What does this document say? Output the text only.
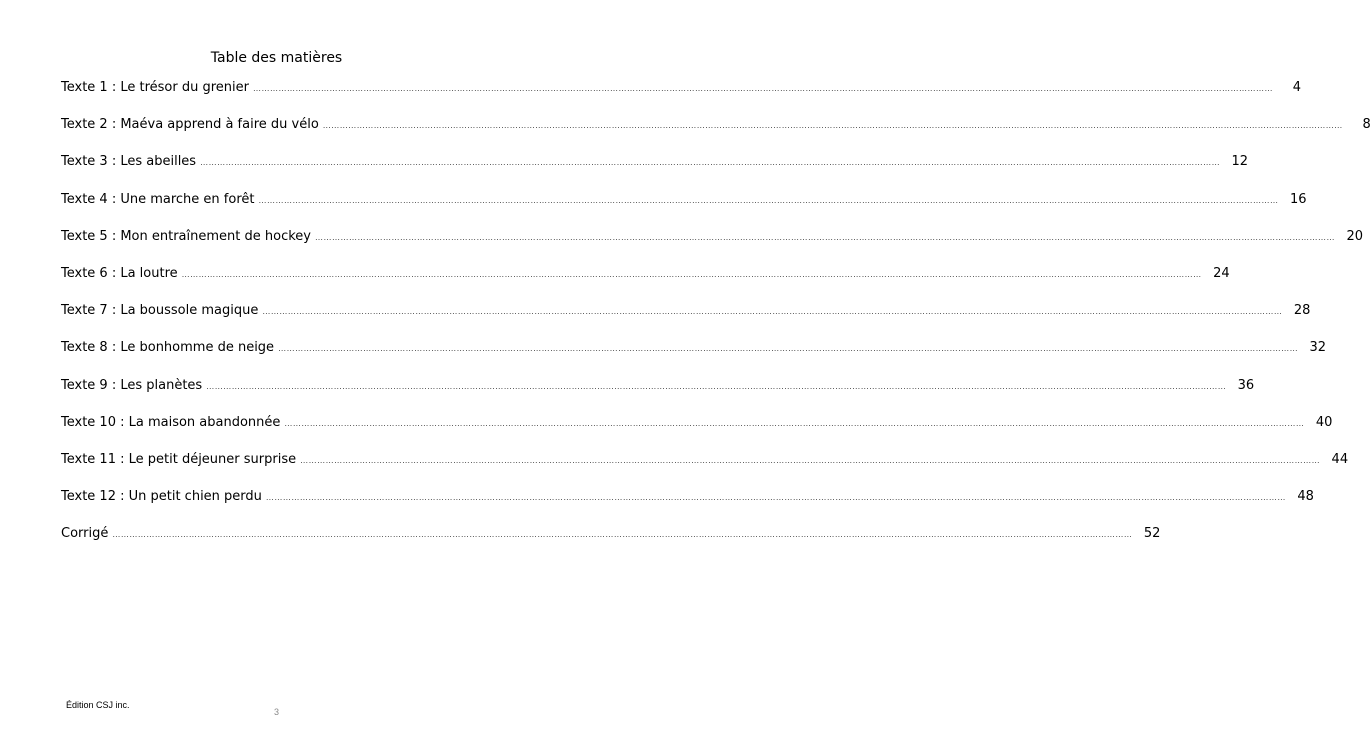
Table des matières
Texte 1 : Le trésor du grenier ………………………………………………………………………………………………………………………………………………………………………………………………………………………………………………………………………………………………………………………………	4
Texte 2 : Maéva apprend à faire du vélo ………………………………………………………………………………………………………………………………………………………………………………………………………………………………………………………………………………………………………………………………	8
Texte 3 : Les abeilles ……………………………………………………………………………………………………………………………………………………………………………………………………………………………………………………………………………………………………………………………… 12
Texte 4 : Une marche en forêt ……………………………………………………………………………………………………………………………………………………………………………………………………………………………………………………………………………………………………………………………… 16
Texte 5 : Mon entraînement de hockey ……………………………………………………………………………………………………………………………………………………………………………………………………………………………………………………………………………………………………………………………… 20
Texte 6 : La loutre ……………………………………………………………………………………………………………………………………………………………………………………………………………………………………………………………………………………………………………………………… 24
Texte 7 : La boussole magique ……………………………………………………………………………………………………………………………………………………………………………………………………………………………………………………………………………………………………………………………… 28
Texte 8 : Le bonhomme de neige ……………………………………………………………………………………………………………………………………………………………………………………………………………………………………………………………………………………………………………………………… 32
Texte 9 : Les planètes ……………………………………………………………………………………………………………………………………………………………………………………………………………………………………………………………………………………………………………………………… 36
Texte 10 : La maison abandonnée ……………………………………………………………………………………………………………………………………………………………………………………………………………………………………………………………………………………………………………………………… 40
Texte 11 : Le petit déjeuner surprise ……………………………………………………………………………………………………………………………………………………………………………………………………………………………………………………………………………………………………………………………… 44
Texte 12 : Un petit chien perdu ……………………………………………………………………………………………………………………………………………………………………………………………………………………………………………………………………………………………………………………………… 48
Corrigé ……………………………………………………………………………………………………………………………………………………………………………………………………………………………………………………………………………………………………………………………… 52
Édition CSJ inc.
3
